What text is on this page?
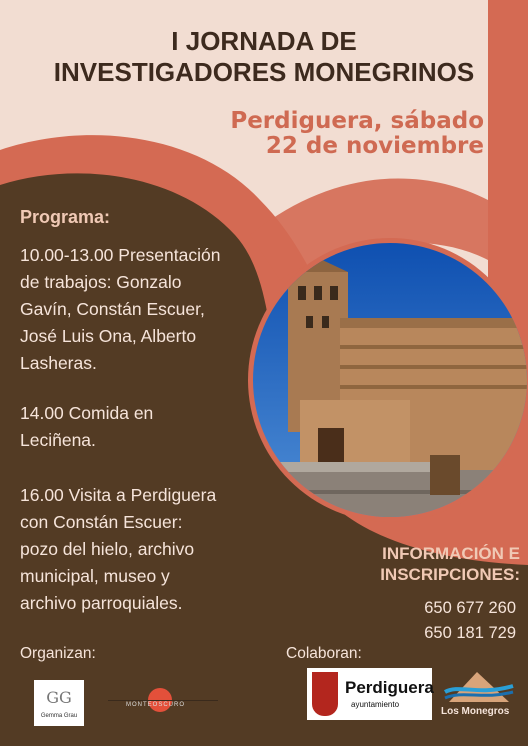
I JORNADA DE
INVESTIGADORES MONEGRINOS
Perdiguera, sábado
22 de noviembre
Programa:
10.00-13.00 Presentación
de trabajos: Gonzalo
Gavín, Constán Escuer,
José Luis Ona, Alberto
Lasheras.
14.00 Comida en
Leciñena.
16.00 Visita a Perdiguera
con Constán Escuer:
pozo del hielo, archivo
municipal, museo y
archivo parroquiales.
INFORMACIÓN E
INSCRIPCIONES:
650 677 260
650 181 729
Organizan:	Colaboran:
GG
Gemma Grau
MONTEOSCURO
Perdiguera
ayuntamiento
Los Monegros
